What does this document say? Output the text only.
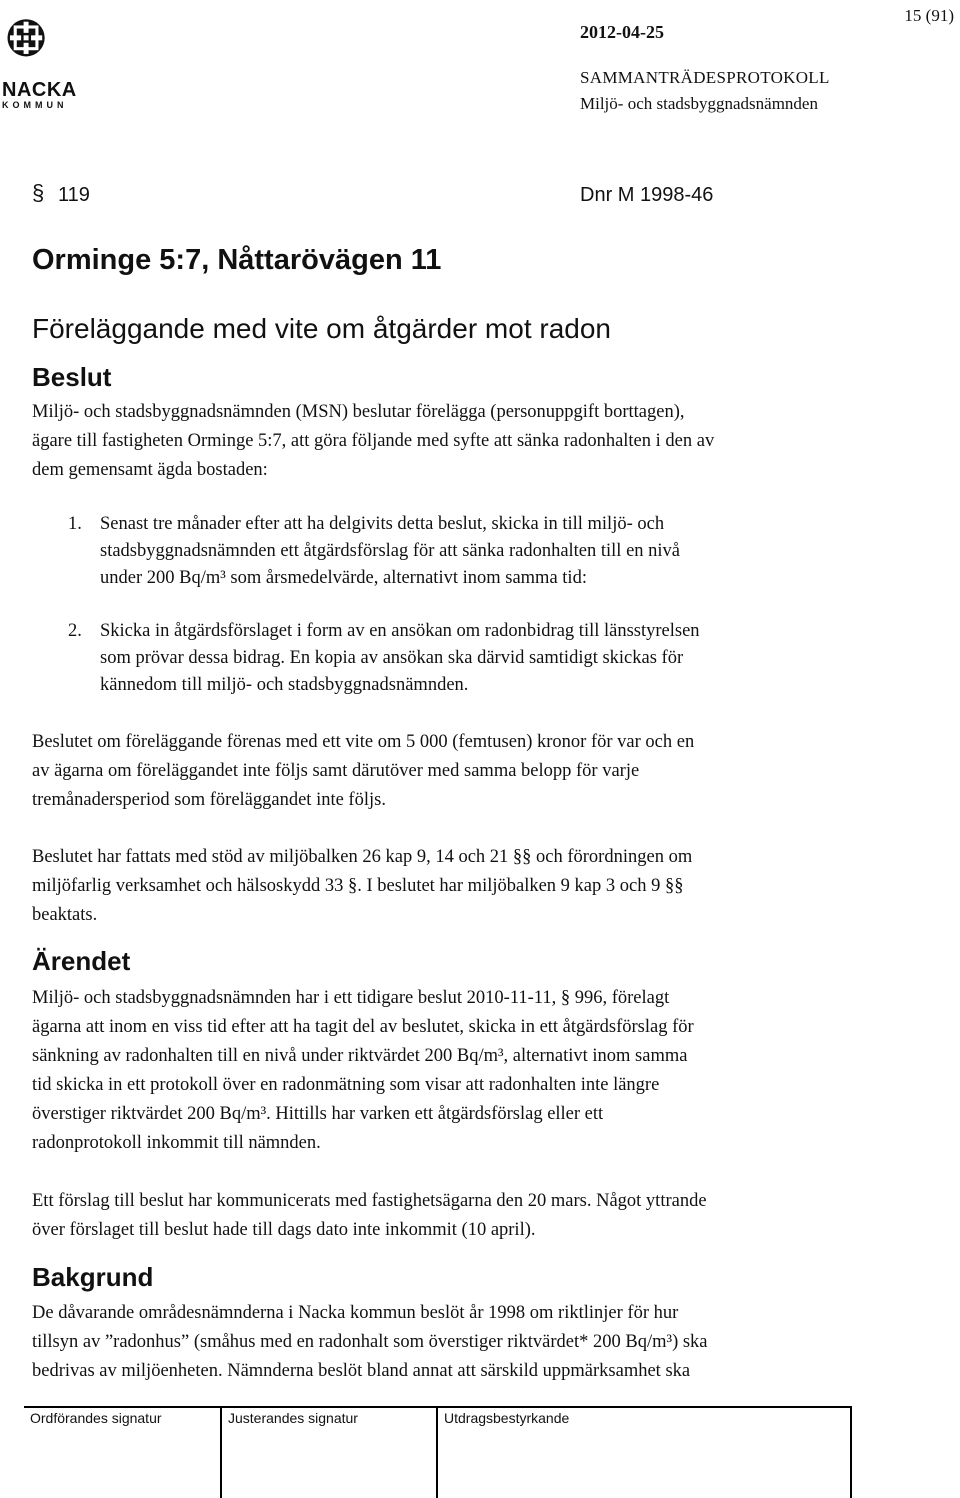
NACKA
KOMMUN
15 (91)
2012-04-25
SAMMANTRÄDESPROTOKOLL
Miljö- och stadsbyggnadsnämnden
§ 119	Dnr M 1998-46
Orminge 5:7, Nåttarövägen 11
Föreläggande med vite om åtgärder mot radon
Beslut
Miljö- och stadsbyggnadsnämnden (MSN) beslutar förelägga (personuppgift borttagen),
ägare till fastigheten Orminge 5:7, att göra följande med syfte att sänka radonhalten i den av
dem gemensamt ägda bostaden:
1. Senast tre månader efter att ha delgivits detta beslut, skicka in till miljö- och
stadsbyggnadsnämnden ett åtgärdsförslag för att sänka radonhalten till en nivå
under 200 Bq/m³ som årsmedelvärde, alternativt inom samma tid:
2. Skicka in åtgärdsförslaget i form av en ansökan om radonbidrag till länsstyrelsen
som prövar dessa bidrag. En kopia av ansökan ska därvid samtidigt skickas för
kännedom till miljö- och stadsbyggnadsnämnden.
Beslutet om föreläggande förenas med ett vite om 5 000 (femtusen) kronor för var och en
av ägarna om föreläggandet inte följs samt därutöver med samma belopp för varje
tremånadersperiod som föreläggandet inte följs.
Beslutet har fattats med stöd av miljöbalken 26 kap 9, 14 och 21 §§ och förordningen om
miljöfarlig verksamhet och hälsoskydd 33 §. I beslutet har miljöbalken 9 kap 3 och 9 §§
beaktats.
Ärendet
Miljö- och stadsbyggnadsnämnden har i ett tidigare beslut 2010-11-11, § 996, förelagt
ägarna att inom en viss tid efter att ha tagit del av beslutet, skicka in ett åtgärdsförslag för
sänkning av radonhalten till en nivå under riktvärdet 200 Bq/m³, alternativt inom samma
tid skicka in ett protokoll över en radonmätning som visar att radonhalten inte längre
överstiger riktvärdet 200 Bq/m³. Hittills har varken ett åtgärdsförslag eller ett
radonprotokoll inkommit till nämnden.
Ett förslag till beslut har kommunicerats med fastighetsägarna den 20 mars. Något yttrande
över förslaget till beslut hade till dags dato inte inkommit (10 april).
Bakgrund
De dåvarande områdesnämnderna i Nacka kommun beslöt år 1998 om riktlinjer för hur
tillsyn av ”radonhus” (småhus med en radonhalt som överstiger riktvärdet* 200 Bq/m³) ska
bedrivas av miljöenheten. Nämnderna beslöt bland annat att särskild uppmärksamhet ska
Ordförandes signatur	Justerandes signatur	Utdragsbestyrkande
